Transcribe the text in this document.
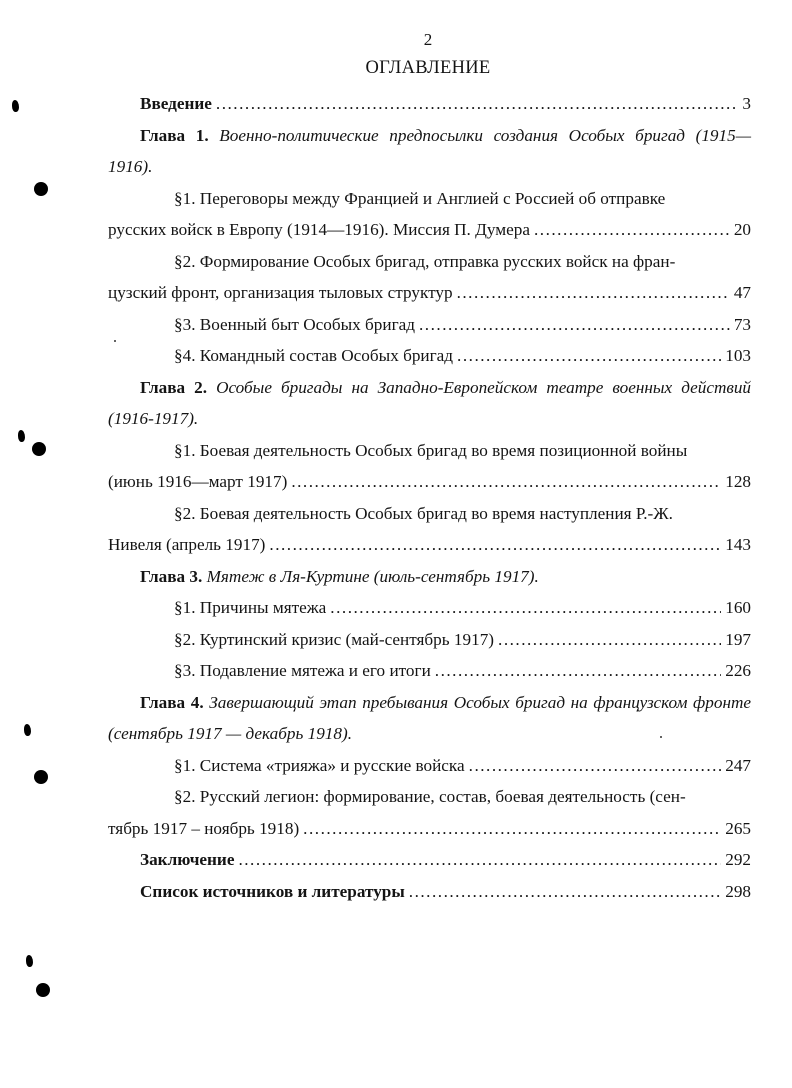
2
ОГЛАВЛЕНИЕ
Введение .....	3
Глава 1. Военно-политические предпосылки создания Особых бригад (1915—1916).
§1. Переговоры между Францией и Англией с Россией об отправке
русских войск в Европу (1914—1916). Миссия П. Думера .....	20
§2. Формирование Особых бригад, отправка русских войск на фран-
цузский фронт, организация тыловых структур .....	47
§3. Военный быт Особых бригад .....	73
§4. Командный состав Особых бригад .....	103
Глава 2. Особые бригады на Западно-Европейском театре военных действий (1916-1917).
§1. Боевая деятельность Особых бригад во время позиционной войны
(июнь 1916—март 1917) .....	128
§2. Боевая деятельность Особых бригад во время наступления Р.-Ж.
Нивеля (апрель 1917) .....	143
Глава 3. Мятеж в Ля-Куртине (июль-сентябрь 1917).
§1. Причины мятежа .....	160
§2. Куртинский кризис (май-сентябрь 1917) .....	197
§3. Подавление мятежа и его итоги .....	226
Глава 4. Завершающий этап пребывания Особых бригад на французском фронте (сентябрь 1917 — декабрь 1918).
§1. Система «трияжа» и русские войска .....	247
§2. Русский легион: формирование, состав, боевая деятельность (сен-
тябрь 1917 – ноябрь 1918) .....	265
Заключение .....	292
Список источников и литературы .....	298
